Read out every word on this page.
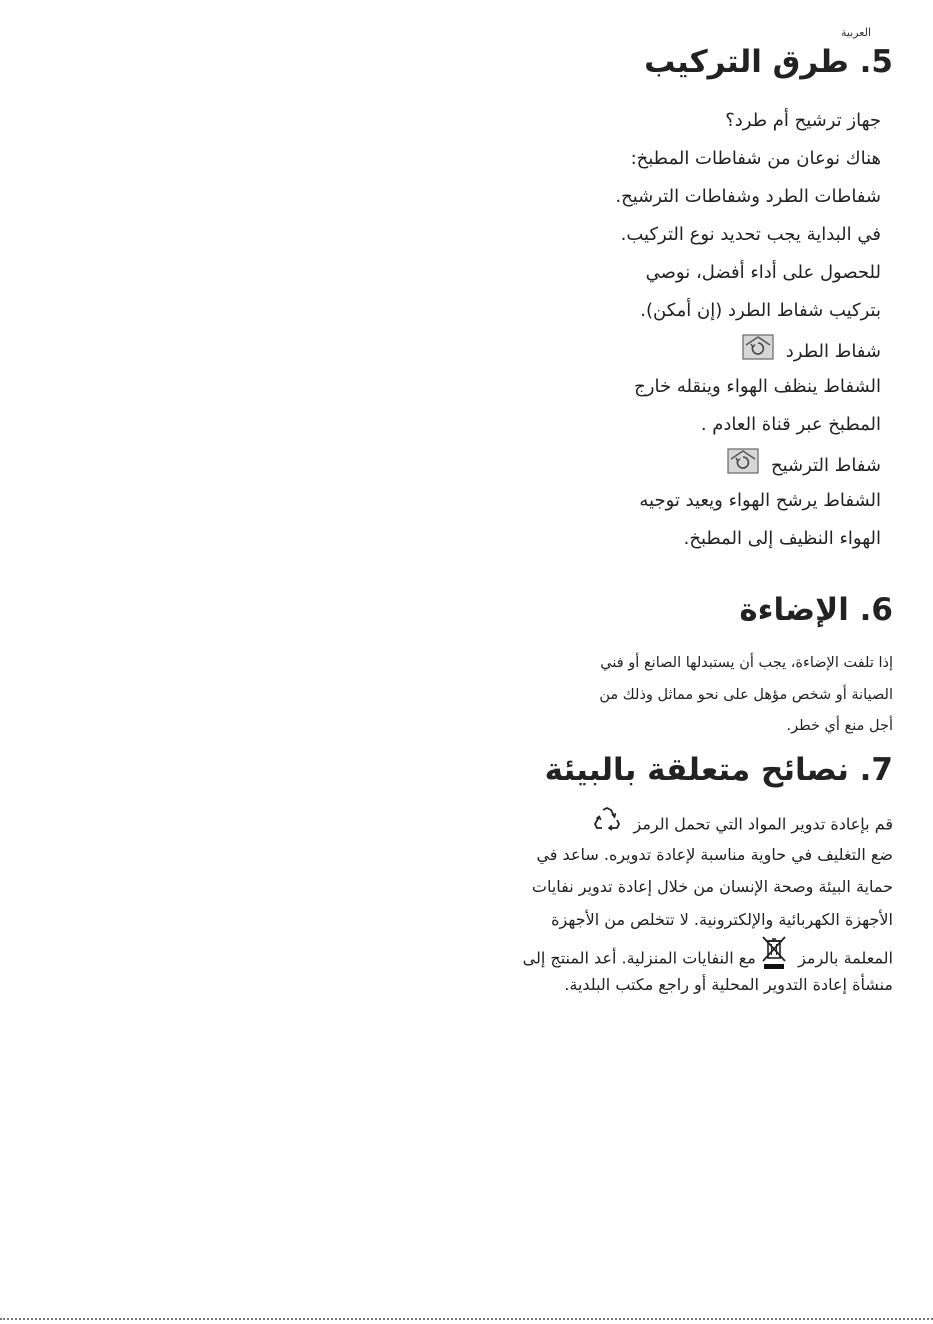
العربية
5. طرق التركيب
جهاز ترشيح أم طرد؟
هناك نوعان من شفاطات المطبخ:
شفاطات الطرد وشفاطات الترشيح.
في البداية يجب تحديد نوع التركيب.
للحصول على أداء أفضل، نوصي
بتركيب شفاط الطرد (إن أمكن).
شفاط الطرد
الشفاط ينظف الهواء وينقله خارج
المطبخ عبر قناة العادم .
شفاط الترشيح
الشفاط يرشح الهواء ويعيد توجيه
الهواء النظيف إلى المطبخ.
6. الإضاءة
إذا تلفت الإضاءة، يجب أن يستبدلها الصانع أو فني
الصيانة أو شخص مؤهل على نحو مماثل وذلك من
أجل منع أي خطر.
7. نصائح متعلقة بالبيئة
قم بإعادة تدوير المواد التي تحمل الرمز
ضع التغليف في حاوية مناسبة لإعادة تدويره. ساعد في
حماية البيئة وصحة الإنسان من خلال إعادة تدوير نفايات
الأجهزة الكهربائية والإلكترونية. لا تتخلص من الأجهزة
المعلمة بالرمز  مع النفايات المنزلية. أعد المنتج إلى
منشأة إعادة التدوير المحلية أو راجع مكتب البلدية.
